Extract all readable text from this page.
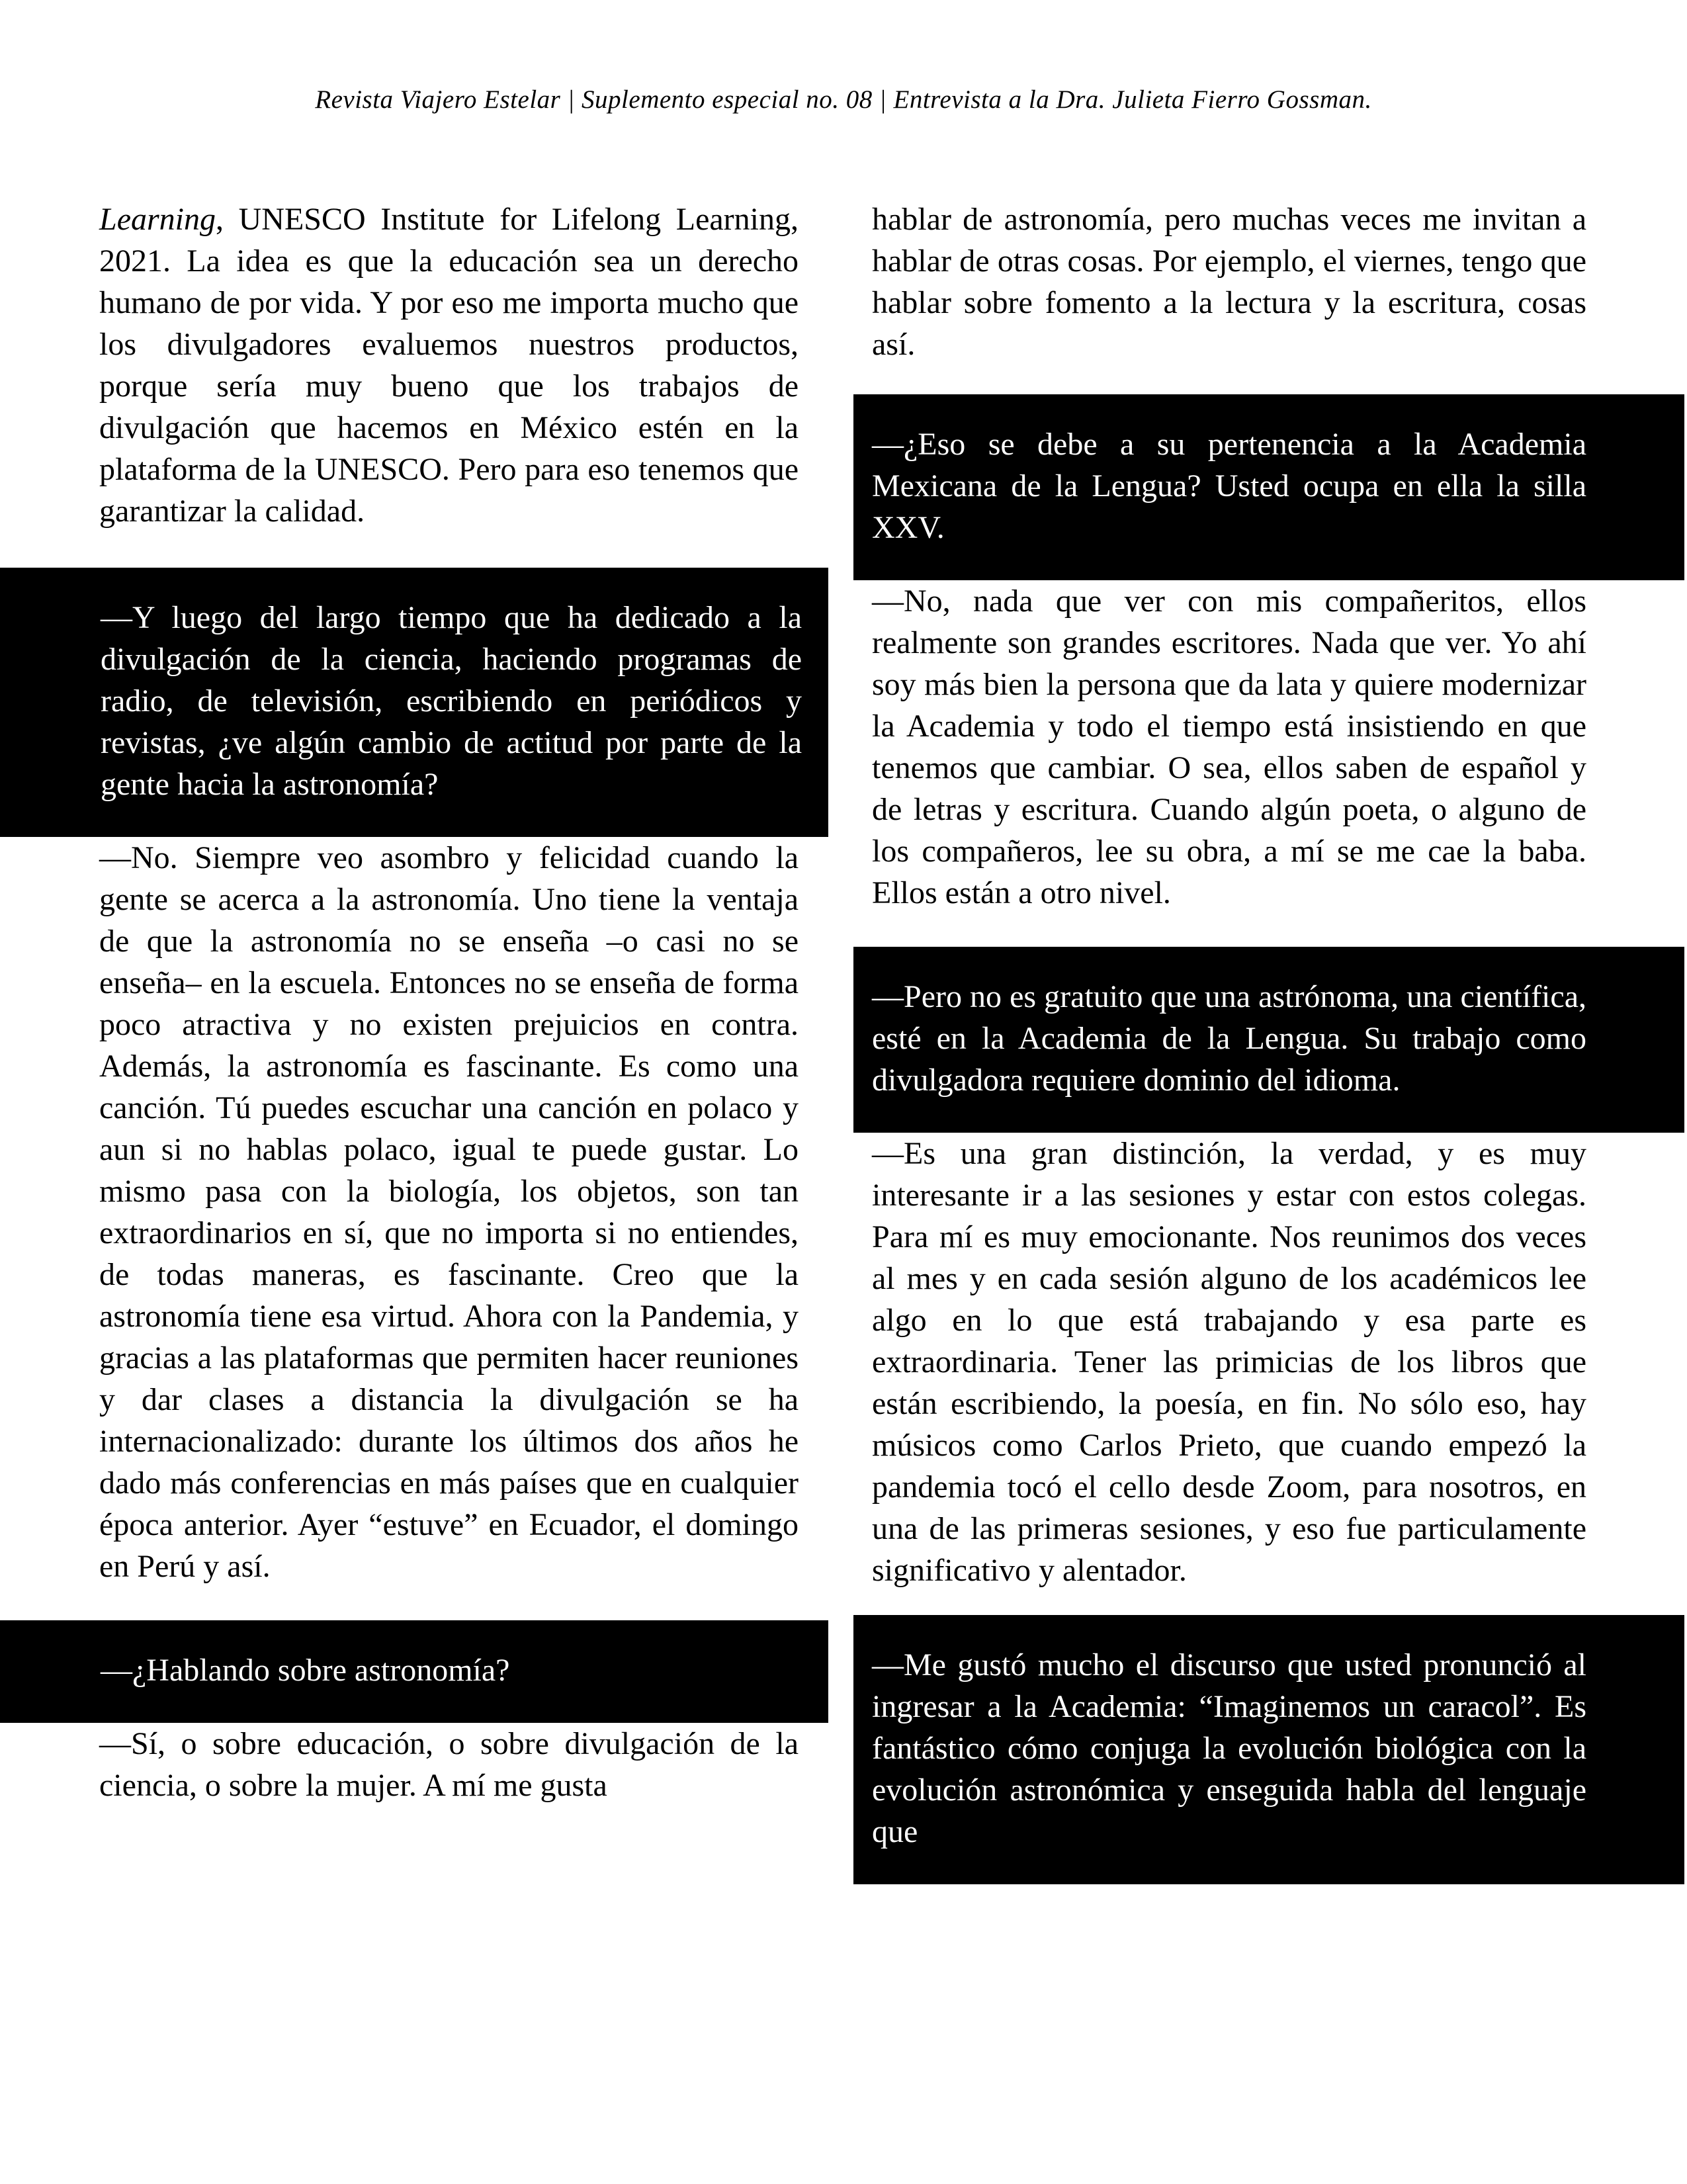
Revista Viajero Estelar | Suplemento especial no. 08 | Entrevista a la Dra. Julieta Fierro Gossman.

Learning, UNESCO Institute for Lifelong Learning, 2021. La idea es que la educación sea un derecho humano de por vida. Y por eso me importa mucho que los divulgadores evaluemos nuestros productos, porque sería muy bueno que los trabajos de divulgación que hacemos en México estén en la plataforma de la UNESCO. Pero para eso tenemos que garantizar la calidad.

—Y luego del largo tiempo que ha dedicado a la divulgación de la ciencia, haciendo programas de radio, de televisión, escribiendo en periódicos y revistas, ¿ve algún cambio de actitud por parte de la gente hacia la astronomía?

—No. Siempre veo asombro y felicidad cuando la gente se acerca a la astronomía. Uno tiene la ventaja de que la astronomía no se enseña –o casi no se enseña– en la escuela. Entonces no se enseña de forma poco atractiva y no existen prejuicios en contra. Además, la astronomía es fascinante. Es como una canción. Tú puedes escuchar una canción en polaco y aun si no hablas polaco, igual te puede gustar. Lo mismo pasa con la biología, los objetos, son tan extraordinarios en sí, que no importa si no entiendes, de todas maneras, es fascinante. Creo que la astronomía tiene esa virtud. Ahora con la Pandemia, y gracias a las plataformas que permiten hacer reuniones y dar clases a distancia la divulgación se ha internacionalizado: durante los últimos dos años he dado más conferencias en más países que en cualquier época anterior. Ayer “estuve” en Ecuador, el domingo en Perú y así.

—¿Hablando sobre astronomía?

—Sí, o sobre educación, o sobre divulgación de la ciencia, o sobre la mujer. A mí me gusta

hablar de astronomía, pero muchas veces me invitan a hablar de otras cosas. Por ejemplo, el viernes, tengo que hablar sobre fomento a la lectura y la escritura, cosas así.

—¿Eso se debe a su pertenencia a la Academia Mexicana de la Lengua? Usted ocupa en ella la silla XXV.

—No, nada que ver con mis compañeritos, ellos realmente son grandes escritores. Nada que ver. Yo ahí soy más bien la persona que da lata y quiere modernizar la Academia y todo el tiempo está insistiendo en que tenemos que cambiar. O sea, ellos saben de español y de letras y escritura. Cuando algún poeta, o alguno de los compañeros, lee su obra, a mí se me cae la baba. Ellos están a otro nivel.

—Pero no es gratuito que una astrónoma, una científica, esté en la Academia de la Lengua. Su trabajo como divulgadora requiere dominio del idioma.

—Es una gran distinción, la verdad, y es muy interesante ir a las sesiones y estar con estos colegas. Para mí es muy emocionante. Nos reunimos dos veces al mes y en cada sesión alguno de los académicos lee algo en lo que está trabajando y esa parte es extraordinaria. Tener las primicias de los libros que están escribiendo, la poesía, en fin. No sólo eso, hay músicos como Carlos Prieto, que cuando empezó la pandemia tocó el cello desde Zoom, para nosotros, en una de las primeras sesiones, y eso fue particulamente significativo y alentador.

—Me gustó mucho el discurso que usted pronunció al ingresar a la Academia: “Imaginemos un caracol”. Es fantástico cómo conjuga la evolución biológica con la evolución astronómica y enseguida habla del lenguaje que
